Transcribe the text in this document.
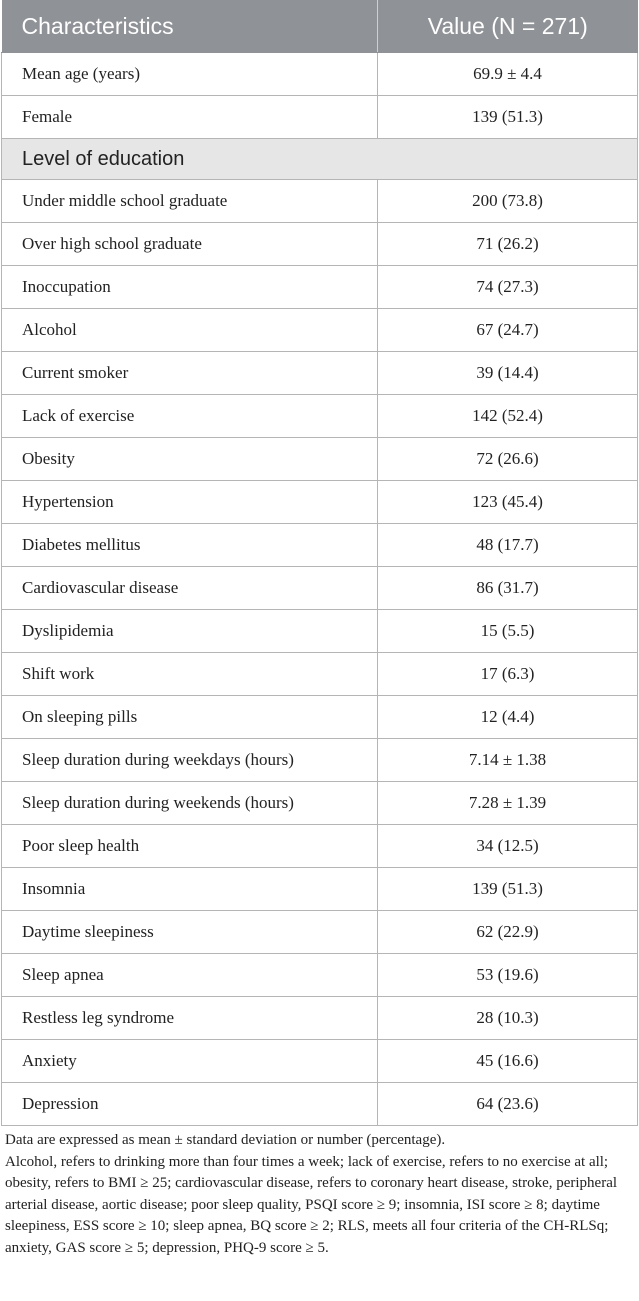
Characteristics	Value (N = 271)
Mean age (years)	69.9 ± 4.4
Female	139 (51.3)
Level of education	
Under middle school graduate	200 (73.8)
Over high school graduate	71 (26.2)
Inoccupation	74 (27.3)
Alcohol	67 (24.7)
Current smoker	39 (14.4)
Lack of exercise	142 (52.4)
Obesity	72 (26.6)
Hypertension	123 (45.4)
Diabetes mellitus	48 (17.7)
Cardiovascular disease	86 (31.7)
Dyslipidemia	15 (5.5)
Shift work	17 (6.3)
On sleeping pills	12 (4.4)
Sleep duration during weekdays (hours)	7.14 ± 1.38
Sleep duration during weekends (hours)	7.28 ± 1.39
Poor sleep health	34 (12.5)
Insomnia	139 (51.3)
Daytime sleepiness	62 (22.9)
Sleep apnea	53 (19.6)
Restless leg syndrome	28 (10.3)
Anxiety	45 (16.6)
Depression	64 (23.6)

Data are expressed as mean ± standard deviation or number (percentage).

Alcohol, refers to drinking more than four times a week; lack of exercise, refers to no exercise at all; obesity, refers to BMI ≥ 25; cardiovascular disease, refers to coronary heart disease, stroke, peripheral arterial disease, aortic disease; poor sleep quality, PSQI score ≥ 9; insomnia, ISI score ≥ 8; daytime sleepiness, ESS score ≥ 10; sleep apnea, BQ score ≥ 2; RLS, meets all four criteria of the CH-RLSq; anxiety, GAS score ≥ 5; depression, PHQ-9 score ≥ 5.
